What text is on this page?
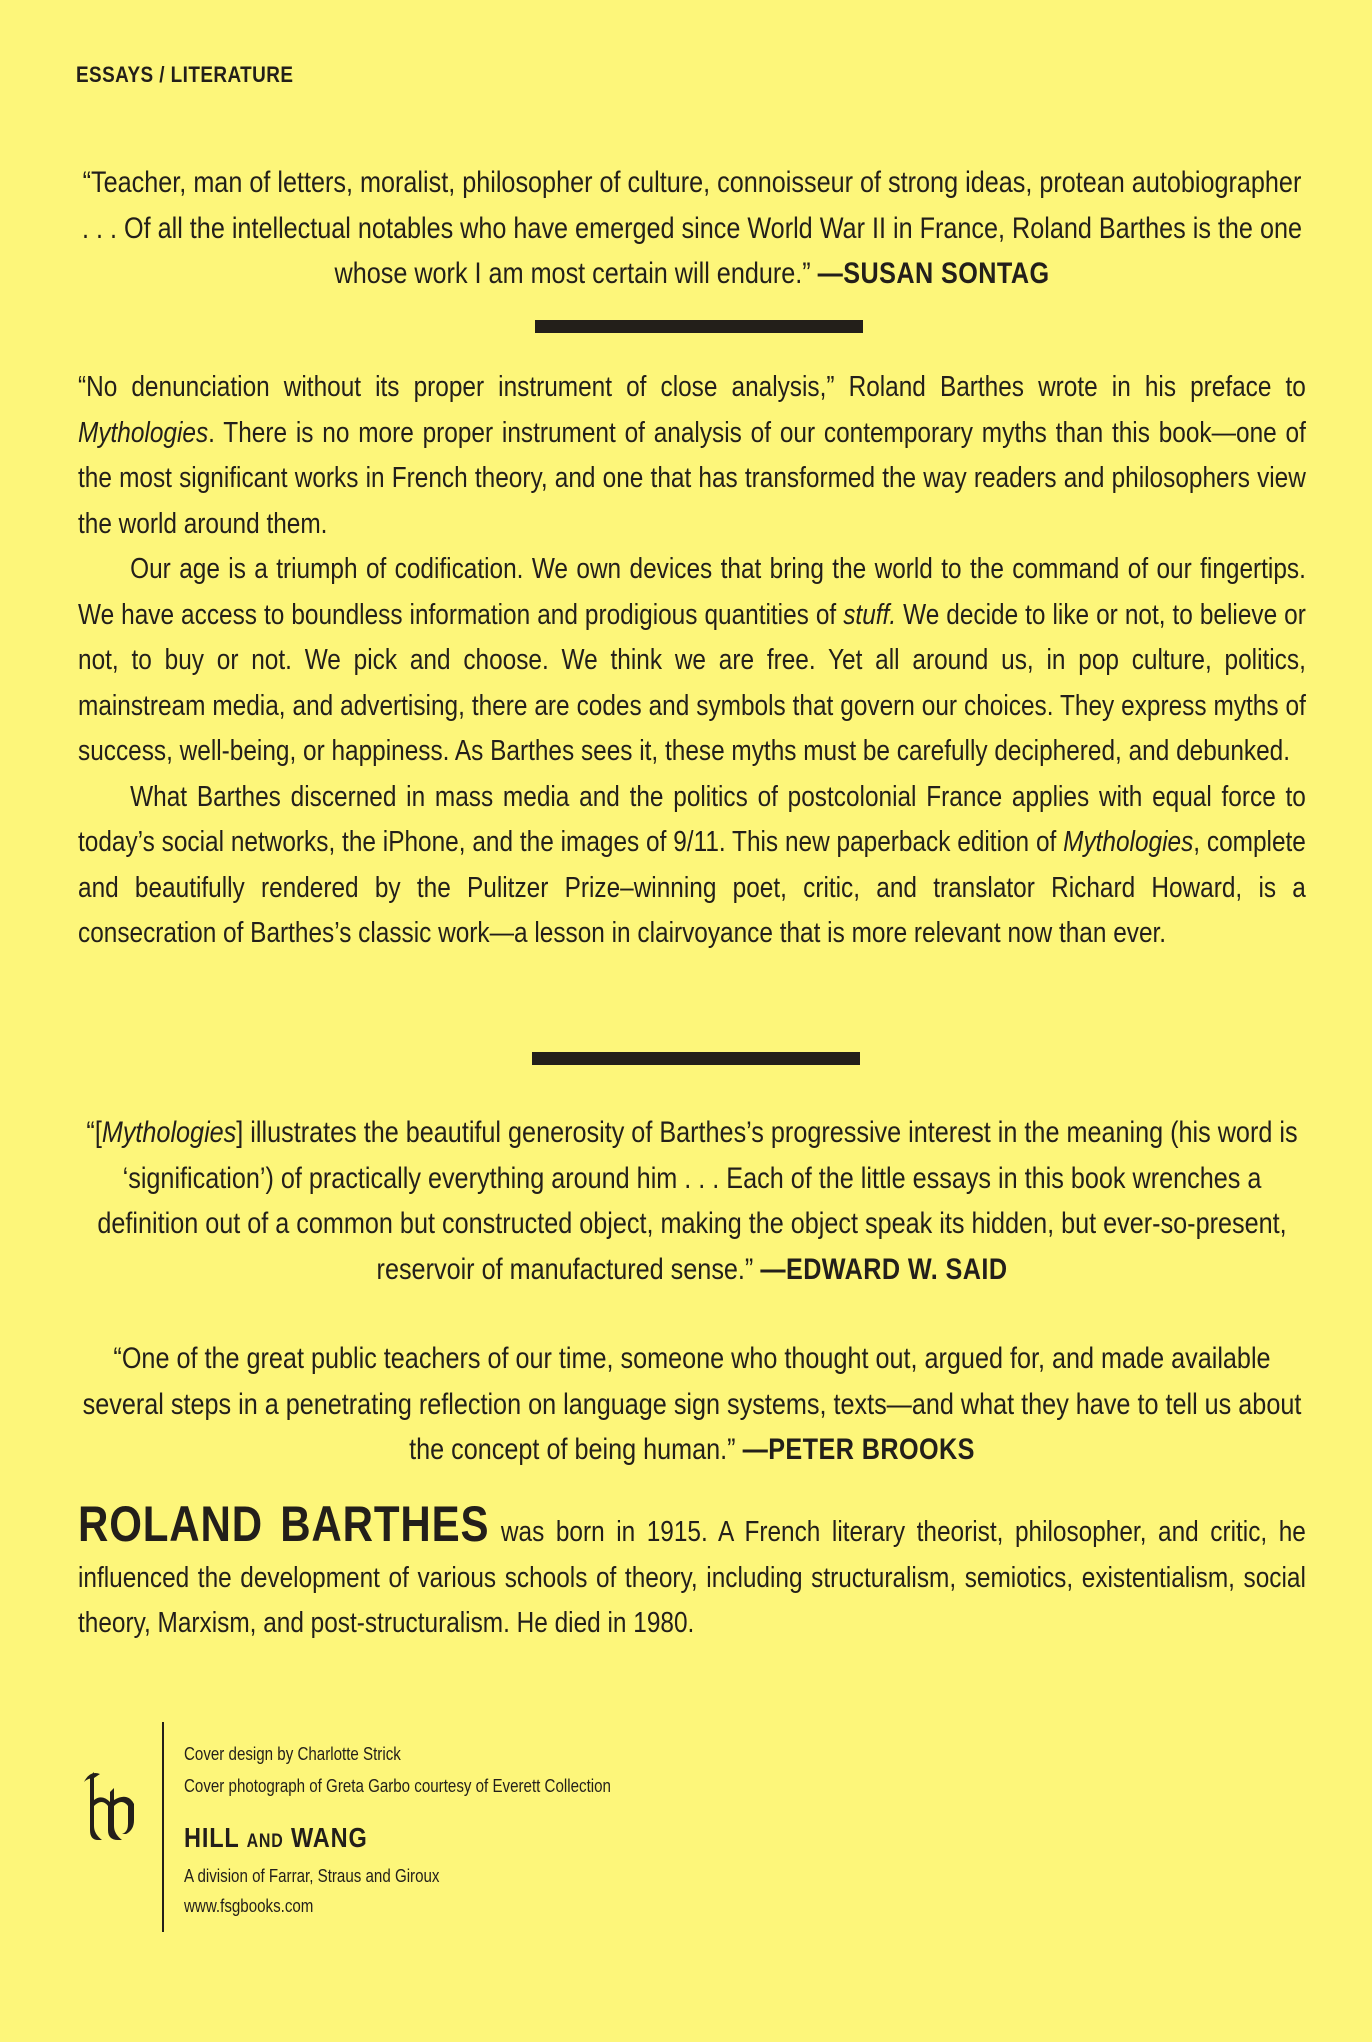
ESSAYS / LITERATURE
“Teacher, man of letters, moralist, philosopher of culture, connoisseur of strong ideas, protean autobiographer . . . Of all the intellectual notables who have emerged since World War II in France, Roland Barthes is the one whose work I am most certain will endure.” —SUSAN SONTAG

“No denunciation without its proper instrument of close analysis,” Roland Barthes wrote in his preface to Mythologies. There is no more proper instrument of analysis of our contemporary myths than this book—one of the most significant works in French theory, and one that has transformed the way readers and philosophers view the world around them.

Our age is a triumph of codification. We own devices that bring the world to the command of our fingertips. We have access to boundless information and prodigious quantities of stuff. We decide to like or not, to believe or not, to buy or not. We pick and choose. We think we are free. Yet all around us, in pop culture, politics, mainstream media, and advertising, there are codes and symbols that govern our choices. They express myths of success, well-being, or happiness. As Barthes sees it, these myths must be carefully deciphered, and debunked.

What Barthes discerned in mass media and the politics of postcolonial France applies with equal force to today’s social networks, the iPhone, and the images of 9/11. This new paperback edition of Mythologies, complete and beautifully rendered by the Pulitzer Prize–winning poet, critic, and translator Richard Howard, is a consecration of Barthes’s classic work—a lesson in clairvoyance that is more relevant now than ever.

“[Mythologies] illustrates the beautiful generosity of Barthes’s progressive interest in the meaning (his word is ‘signification’) of practically everything around him . . . Each of the little essays in this book wrenches a definition out of a common but constructed object, making the object speak its hidden, but ever-so-present, reservoir of manufactured sense.” —EDWARD W. SAID
“One of the great public teachers of our time, someone who thought out, argued for, and made available several steps in a penetrating reflection on language sign systems, texts—and what they have to tell us about the concept of being human.” —PETER BROOKS

ROLAND BARTHES was born in 1915. A French literary theorist, philosopher, and critic, he influenced the development of various schools of theory, including structuralism, semiotics, existentialism, social theory, Marxism, and post-structuralism. He died in 1980.

Cover design by Charlotte Strick
Cover photograph of Greta Garbo courtesy of Everett Collection
HILL AND WANG
A division of Farrar, Straus and Giroux
www.fsgbooks.com
